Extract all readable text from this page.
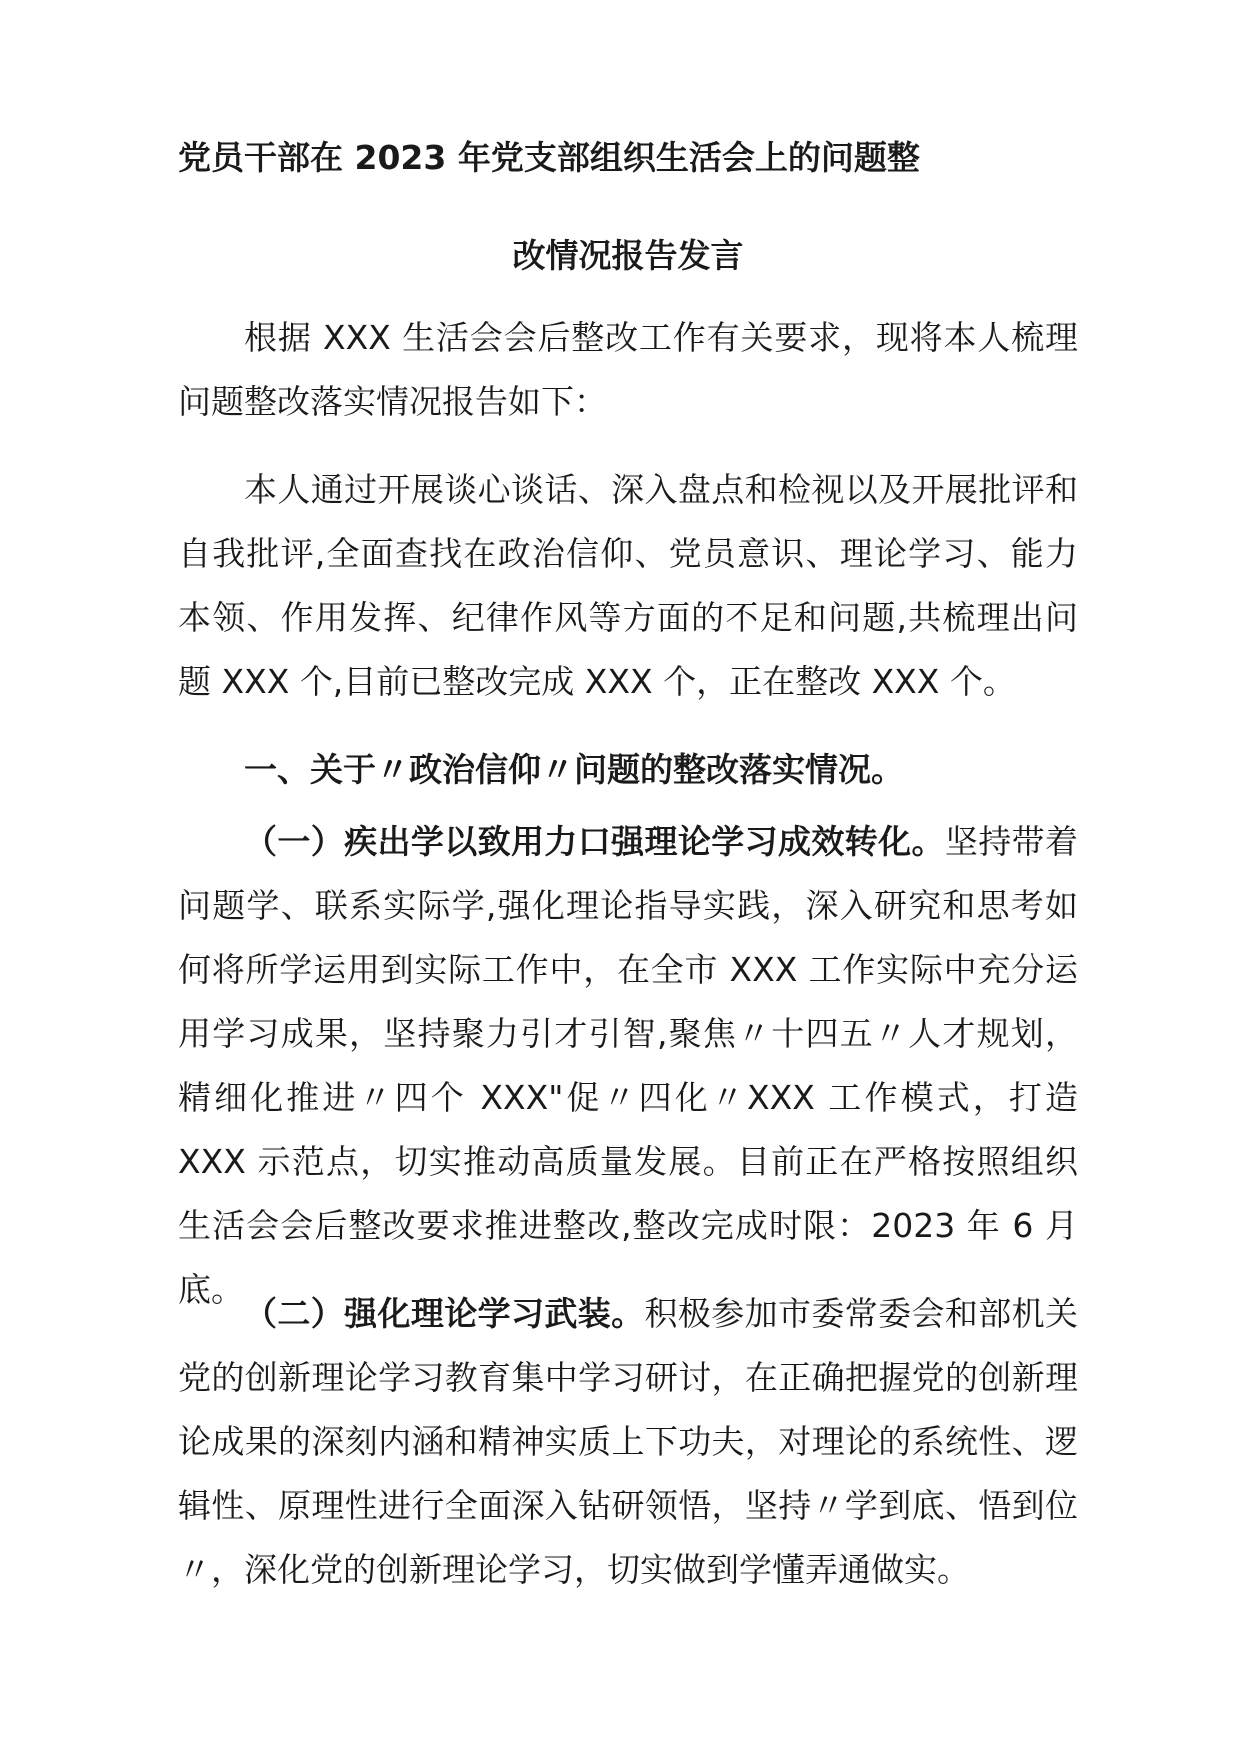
党员干部在 2023 年党支部组织生活会上的问题整
改情况报告发言

根据 XXX 生活会会后整改工作有关要求，现将本人梳理问题整改落实情况报告如下：

本人通过开展谈心谈话、深入盘点和检视以及开展批评和自我批评,全面查找在政治信仰、党员意识、理论学习、能力本领、作用发挥、纪律作风等方面的不足和问题,共梳理出问题 XXX 个,目前已整改完成 XXX 个，正在整改 XXX 个。

一、关于〃政治信仰〃问题的整改落实情况。

（一）疾出学以致用力口强理论学习成效转化。坚持带着问题学、联系实际学,强化理论指导实践，深入研究和思考如何将所学运用到实际工作中，在全市 XXX 工作实际中充分运用学习成果，坚持聚力引才引智,聚焦〃十四五〃人才规划，精细化推进〃四个 XXX"促〃四化〃XXX 工作模式，打造 XXX 示范点，切实推动高质量发展。目前正在严格按照组织生活会会后整改要求推进整改,整改完成时限：2023 年 6 月底。

（二）强化理论学习武装。积极参加市委常委会和部机关党的创新理论学习教育集中学习研讨，在正确把握党的创新理论成果的深刻内涵和精神实质上下功夫，对理论的系统性、逻辑性、原理性进行全面深入钻研领悟，坚持〃学到底、悟到位〃，深化党的创新理论学习，切实做到学懂弄通做实。
